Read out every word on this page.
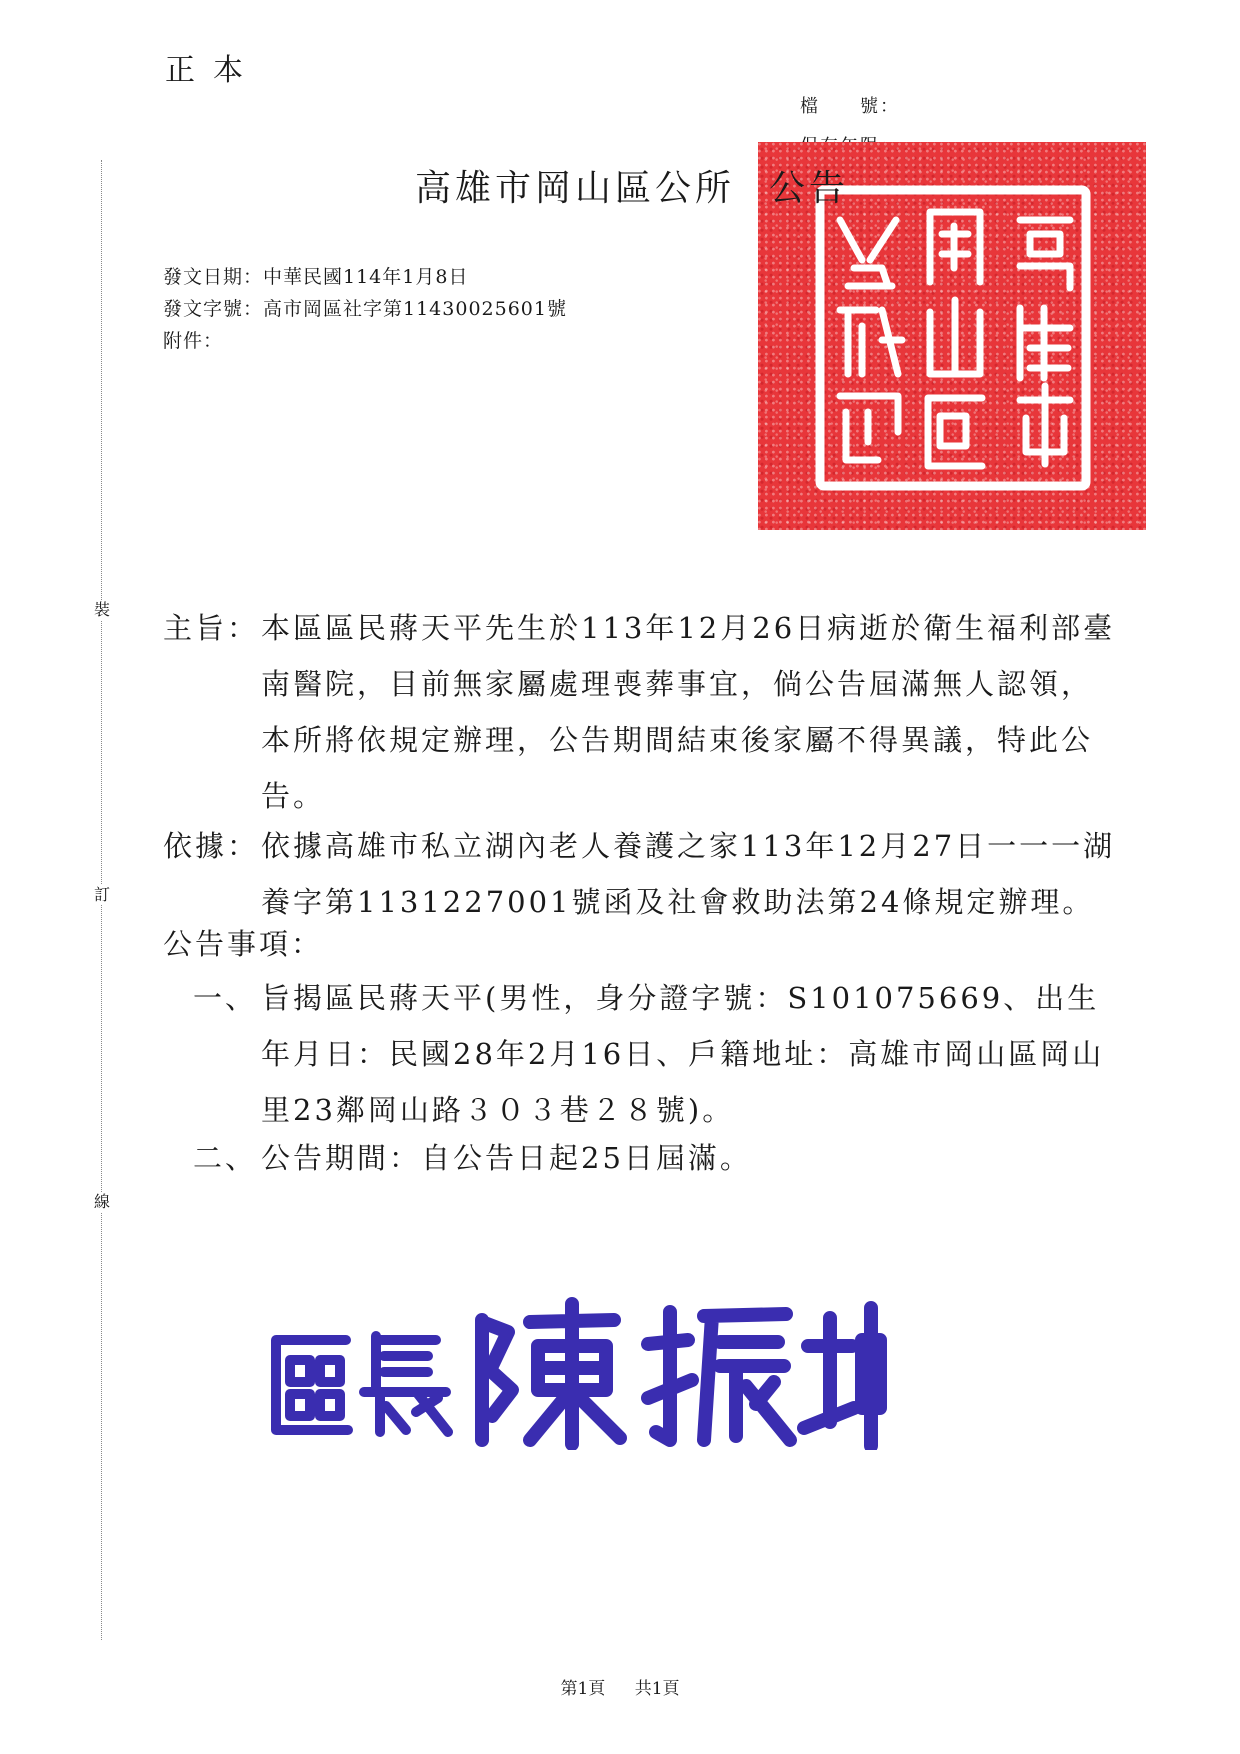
正本
檔　　號：
高雄市岡山區公所 公告
發文日期：中華民國114年1月8日
發文字號：高市岡區社字第11430025601號
附件：
裝
訂
線
主旨： 本區區民蔣天平先生於113年12月26日病逝於衛生福利部臺南醫院，目前無家屬處理喪葬事宜，倘公告屆滿無人認領，本所將依規定辦理，公告期間結束後家屬不得異議，特此公告。
依據： 依據高雄市私立湖內老人養護之家113年12月27日一一一湖養字第1131227001號函及社會救助法第24條規定辦理。
公告事項：
一、 旨揭區民蔣天平(男性，身分證字號：S101075669、出生年月日：民國28年2月16日、戶籍地址：高雄市岡山區岡山里23鄰岡山路３０３巷２８號)。
二、 公告期間：自公告日起25日屆滿。
第1頁 共1頁
